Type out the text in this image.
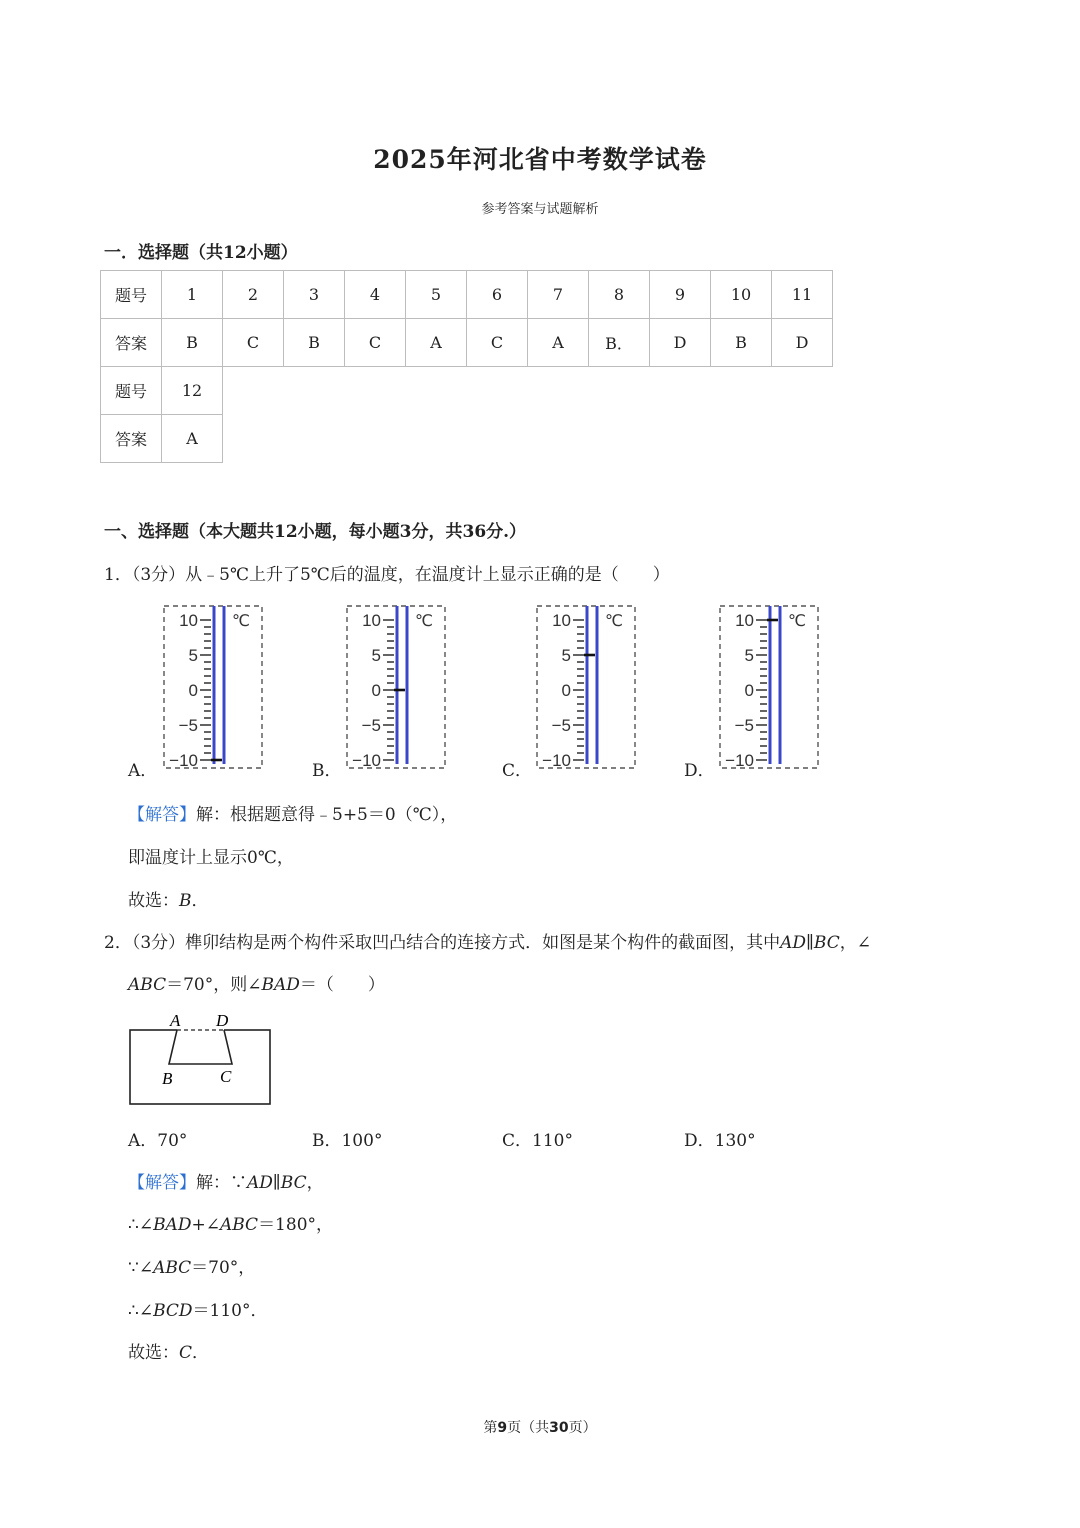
2025年河北省中考数学试卷
参考答案与试题解析
一．选择题（共12小题）
题号	1	2	3	4	5	6	7	8	9	10	11
答案	B	C	B	C	A	C	A	B．	D	B	D
题号	12										
答案	A										
一、选择题（本大题共12小题，每小题3分，共36分.）
1．（3分）从﹣5℃上升了5℃后的温度，在温度计上显示正确的是（　　）
A．	B．	C．	D．
10
5
0
−5
−10
℃	10
5
0
−5
−10
℃	10
5
0
−5
−10
℃	10
5
0
−5
−10
℃
【解答】解：根据题意得﹣5+5＝0（℃），
即温度计上显示0℃，
故选：B．
2．（3分）榫卯结构是两个构件采取凹凸结合的连接方式．如图是某个构件的截面图，其中AD∥BC，∠
ABC＝70°，则∠BAD＝（　　）
A D
B	C
A．70°	B．100°	C．110°	D．130°
【解答】解：∵AD∥BC，
∴∠BAD+∠ABC＝180°，
∵∠ABC＝70°，
∴∠BCD＝110°．
故选：C．
第9页（共30页）
